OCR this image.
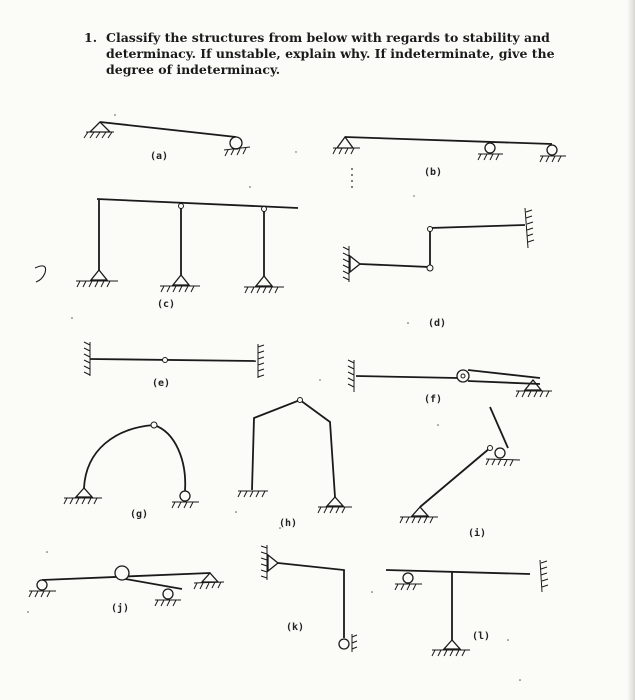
1. Classify the structures from below with regards to stability and determinacy. If unstable, explain why. If indeterminate, give the degree of indeterminacy.
(a)
(b)
(c)
(d)
(e)
(f)
(g)
(h)
(i)
(j)
(k)
(l)
